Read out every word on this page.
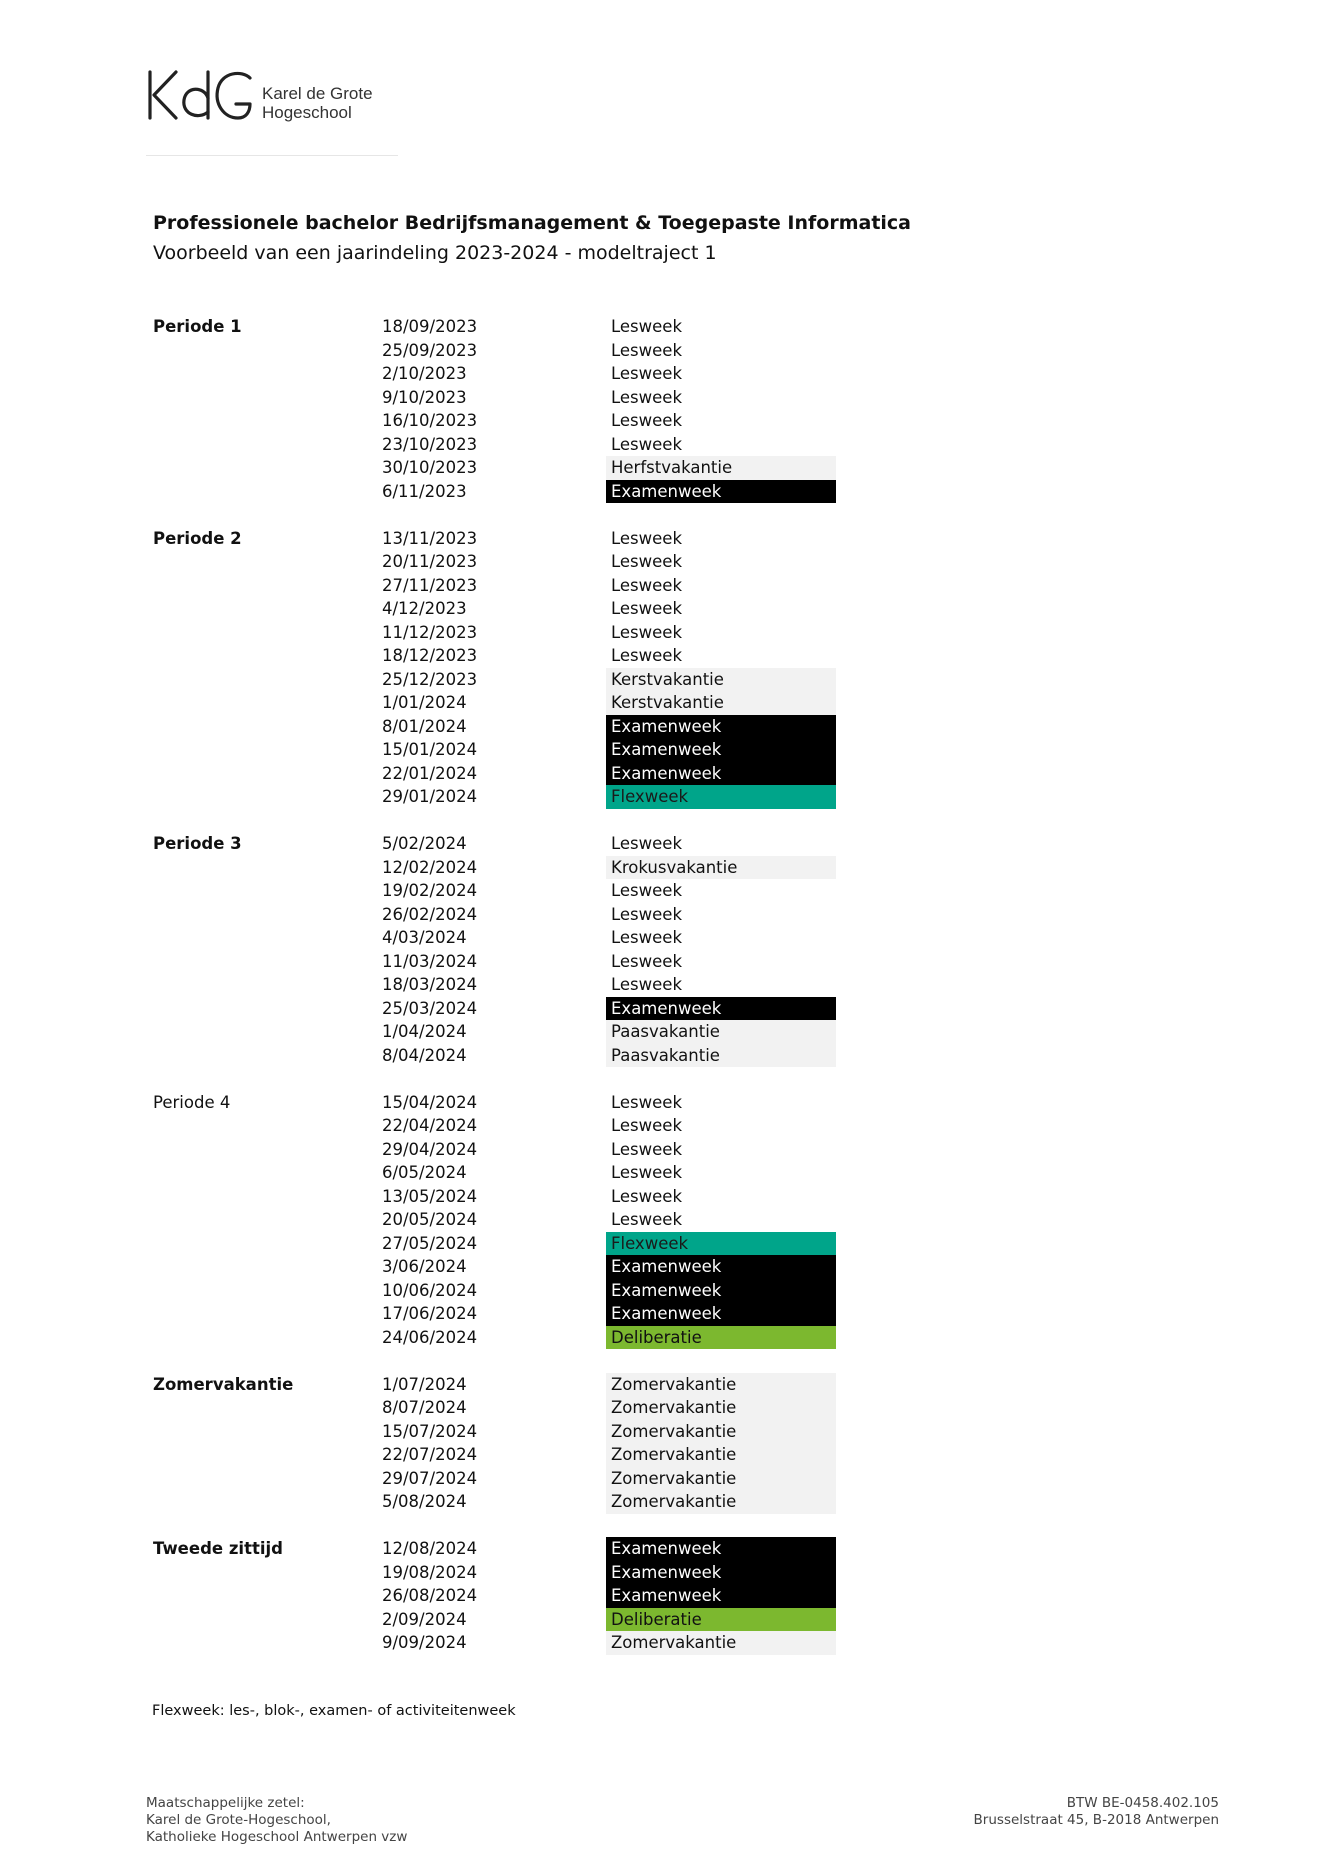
Karel de Grote
Hogeschool
Professionele bachelor Bedrijfsmanagement & Toegepaste Informatica
Voorbeeld van een jaarindeling 2023-2024 - modeltraject 1
Periode 1	18/09/2023	Lesweek
25/09/2023	Lesweek
2/10/2023	Lesweek
9/10/2023	Lesweek
16/10/2023	Lesweek
23/10/2023	Lesweek
30/10/2023	Herfstvakantie
6/11/2023	Examenweek
Periode 2	13/11/2023	Lesweek
20/11/2023	Lesweek
27/11/2023	Lesweek
4/12/2023	Lesweek
11/12/2023	Lesweek
18/12/2023	Lesweek
25/12/2023	Kerstvakantie
1/01/2024	Kerstvakantie
8/01/2024	Examenweek
15/01/2024	Examenweek
22/01/2024	Examenweek
29/01/2024	Flexweek
Periode 3	5/02/2024	Lesweek
12/02/2024	Krokusvakantie
19/02/2024	Lesweek
26/02/2024	Lesweek
4/03/2024	Lesweek
11/03/2024	Lesweek
18/03/2024	Lesweek
25/03/2024	Examenweek
1/04/2024	Paasvakantie
8/04/2024	Paasvakantie
Periode 4	15/04/2024	Lesweek
22/04/2024	Lesweek
29/04/2024	Lesweek
6/05/2024	Lesweek
13/05/2024	Lesweek
20/05/2024	Lesweek
27/05/2024	Flexweek
3/06/2024	Examenweek
10/06/2024	Examenweek
17/06/2024	Examenweek
24/06/2024	Deliberatie
Zomervakantie	1/07/2024	Zomervakantie
8/07/2024	Zomervakantie
15/07/2024	Zomervakantie
22/07/2024	Zomervakantie
29/07/2024	Zomervakantie
5/08/2024	Zomervakantie
Tweede zittijd	12/08/2024	Examenweek
19/08/2024	Examenweek
26/08/2024	Examenweek
2/09/2024	Deliberatie
9/09/2024	Zomervakantie
Flexweek: les-, blok-, examen- of activiteitenweek
Maatschappelijke zetel:
Karel de Grote-Hogeschool,
Katholieke Hogeschool Antwerpen vzw
BTW BE-0458.402.105
Brusselstraat 45, B-2018 Antwerpen
